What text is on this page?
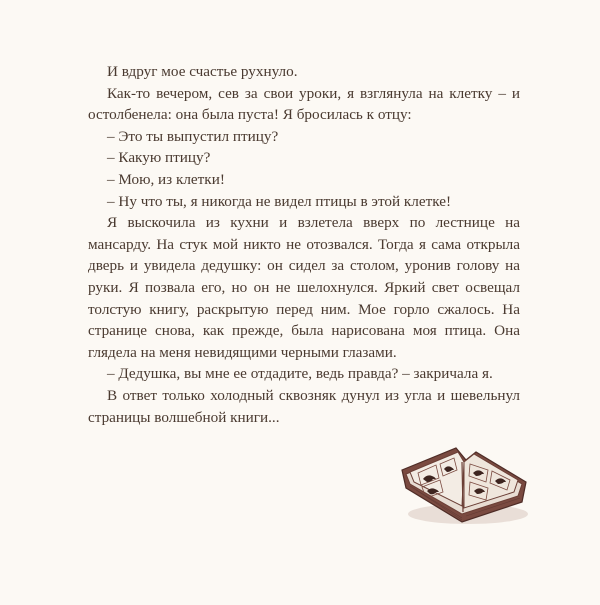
И вдруг мое счастье рухнуло.

Как-то вечером, сев за свои уроки, я взглянула на клетку – и остолбенела: она была пуста! Я бросилась к отцу:

– Это ты выпустил птицу?

– Какую птицу?

– Мою, из клетки!

– Ну что ты, я никогда не видел птицы в этой клетке!

Я выскочила из кухни и взлетела вверх по лестнице на мансарду. На стук мой никто не отозвался. Тогда я сама открыла дверь и увидела дедушку: он сидел за столом, уронив голову на руки. Я позвала его, но он не шелохнулся. Яркий свет освещал толстую книгу, раскрытую перед ним. Мое горло сжалось. На странице снова, как прежде, была нарисована моя птица. Она глядела на меня невидящими черными глазами.

– Дедушка, вы мне ее отдадите, ведь правда? – закричала я.

В ответ только холодный сквозняк дунул из угла и шевельнул страницы волшебной книги...
